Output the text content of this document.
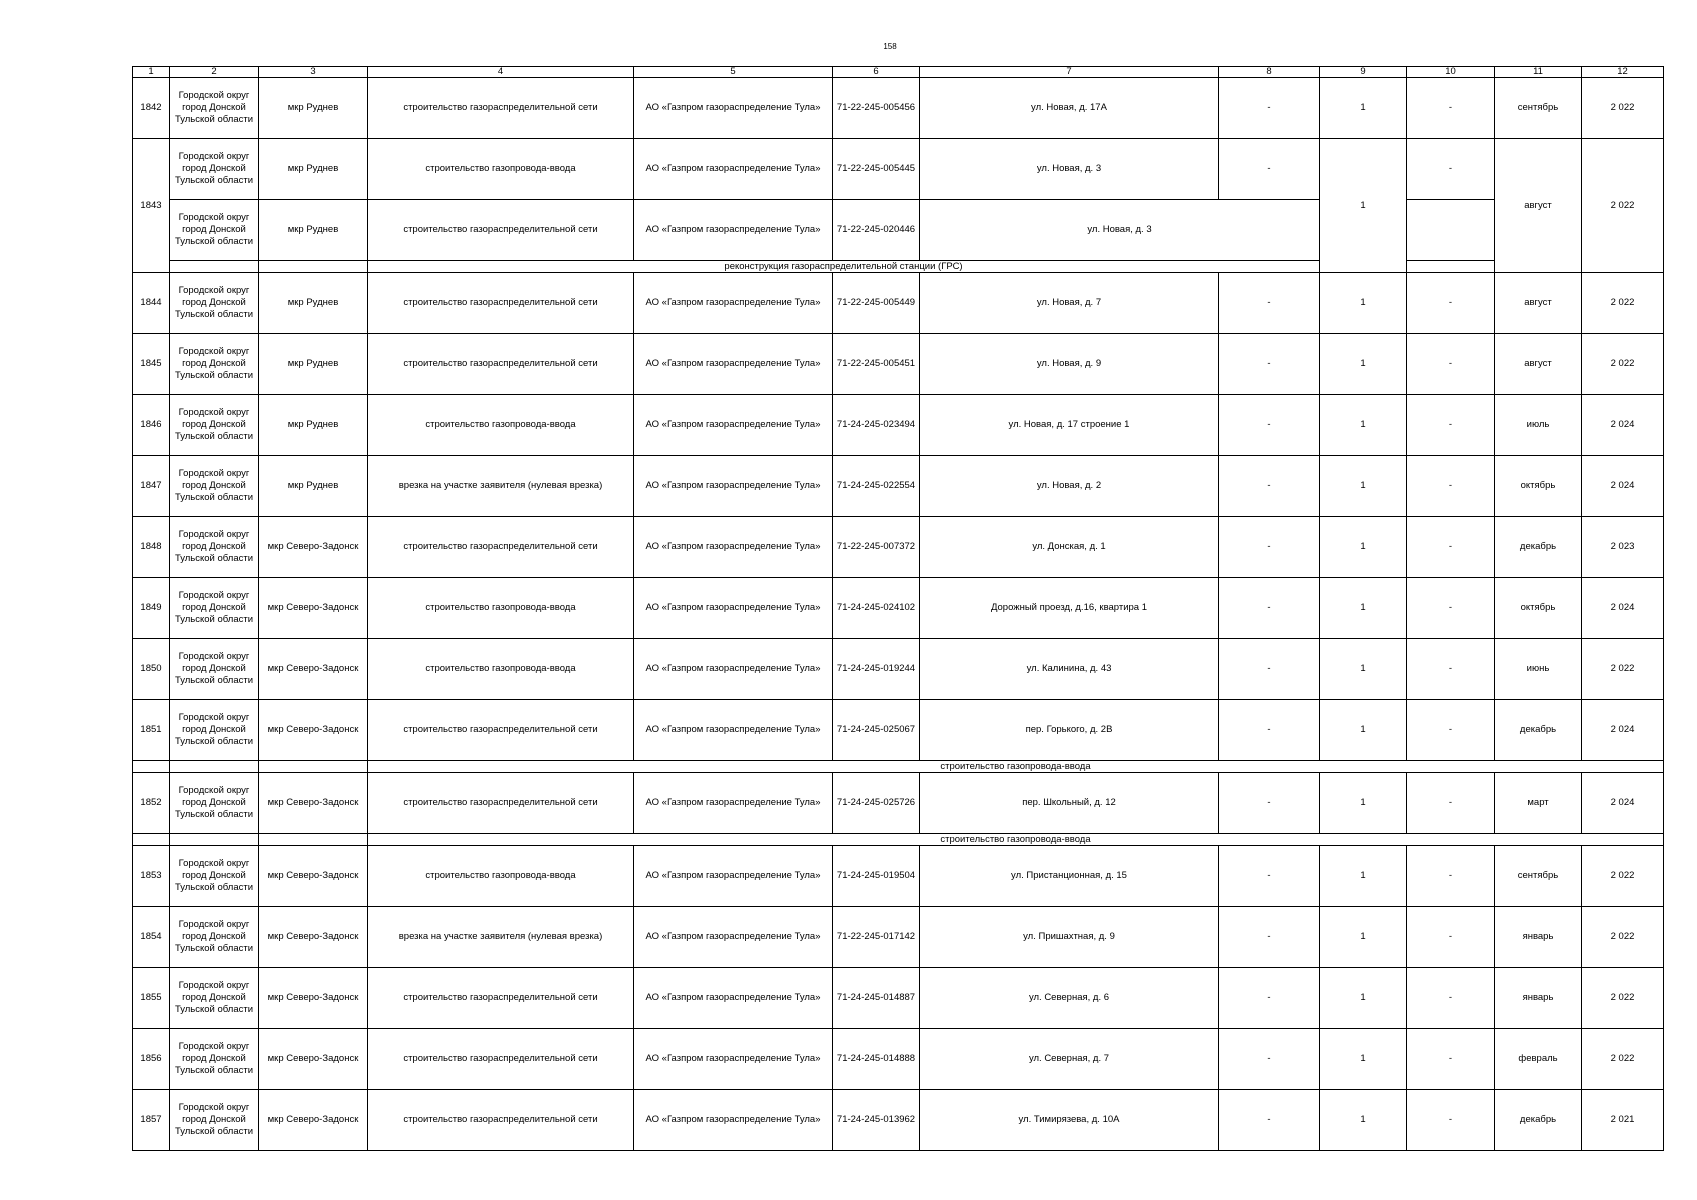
158
1	2	3	4	5	6	7	8	9	10	11	12
1842	Городской округ
город Донской
Тульской области	мкр Руднев	строительство газораспределительной сети	АО «Газпром газораспределение Тула»	71-22-245-005456	ул. Новая, д. 17А	-	1	-	сентябрь	2 022
1843	Городской округ
город Донской
Тульской области	мкр Руднев	строительство газопровода-ввода	АО «Газпром газораспределение Тула»	71-22-245-005445	ул. Новая, д. 3	-	1	-	август	2 022
	Городской округ
город Донской
Тульской области	мкр Руднев	строительство газораспределительной сети	АО «Газпром газораспределение Тула»	71-22-245-020446	ул. Новая, д. 3					
			реконструкция газораспределительной станции (ГРС)								
1844	Городской округ
город Донской
Тульской области	мкр Руднев	строительство газораспределительной сети	АО «Газпром газораспределение Тула»	71-22-245-005449	ул. Новая, д. 7	-	1	-	август	2 022
1845	Городской округ
город Донской
Тульской области	мкр Руднев	строительство газораспределительной сети	АО «Газпром газораспределение Тула»	71-22-245-005451	ул. Новая, д. 9	-	1	-	август	2 022
1846	Городской округ
город Донской
Тульской области	мкр Руднев	строительство газопровода-ввода	АО «Газпром газораспределение Тула»	71-24-245-023494	ул. Новая, д. 17 строение 1	-	1	-	июль	2 024
1847	Городской округ
город Донской
Тульской области	мкр Руднев	врезка на участке заявителя (нулевая врезка)	АО «Газпром газораспределение Тула»	71-24-245-022554	ул. Новая, д. 2	-	1	-	октябрь	2 024
1848	Городской округ
город Донской
Тульской области	мкр Северо-Задонск	строительство газораспределительной сети	АО «Газпром газораспределение Тула»	71-22-245-007372	ул. Донская, д. 1	-	1	-	декабрь	2 023
1849	Городской округ
город Донской
Тульской области	мкр Северо-Задонск	строительство газопровода-ввода	АО «Газпром газораспределение Тула»	71-24-245-024102	Дорожный проезд, д.16, квартира 1	-	1	-	октябрь	2 024
1850	Городской округ
город Донской
Тульской области	мкр Северо-Задонск	строительство газопровода-ввода	АО «Газпром газораспределение Тула»	71-24-245-019244	ул. Калинина, д. 43	-	1	-	июнь	2 022
1851	Городской округ
город Донской
Тульской области	мкр Северо-Задонск	строительство газораспределительной сети	АО «Газпром газораспределение Тула»	71-24-245-025067	пер. Горького, д. 2В	-	1	-	декабрь	2 024
			строительство газопровода-ввода								
1852	Городской округ
город Донской
Тульской области	мкр Северо-Задонск	строительство газораспределительной сети	АО «Газпром газораспределение Тула»	71-24-245-025726	пер. Школьный, д. 12	-	1	-	март	2 024
			строительство газопровода-ввода								
1853	Городской округ
город Донской
Тульской области	мкр Северо-Задонск	строительство газопровода-ввода	АО «Газпром газораспределение Тула»	71-24-245-019504	ул. Пристанционная, д. 15	-	1	-	сентябрь	2 022
1854	Городской округ
город Донской
Тульской области	мкр Северо-Задонск	врезка на участке заявителя (нулевая врезка)	АО «Газпром газораспределение Тула»	71-22-245-017142	ул. Пришахтная, д. 9	-	1	-	январь	2 022
1855	Городской округ
город Донской
Тульской области	мкр Северо-Задонск	строительство газораспределительной сети	АО «Газпром газораспределение Тула»	71-24-245-014887	ул. Северная, д. 6	-	1	-	январь	2 022
1856	Городской округ
город Донской
Тульской области	мкр Северо-Задонск	строительство газораспределительной сети	АО «Газпром газораспределение Тула»	71-24-245-014888	ул. Северная, д. 7	-	1	-	февраль	2 022
1857	Городской округ
город Донской
Тульской области	мкр Северо-Задонск	строительство газораспределительной сети	АО «Газпром газораспределение Тула»	71-24-245-013962	ул. Тимирязева, д. 10А	-	1	-	декабрь	2 021
